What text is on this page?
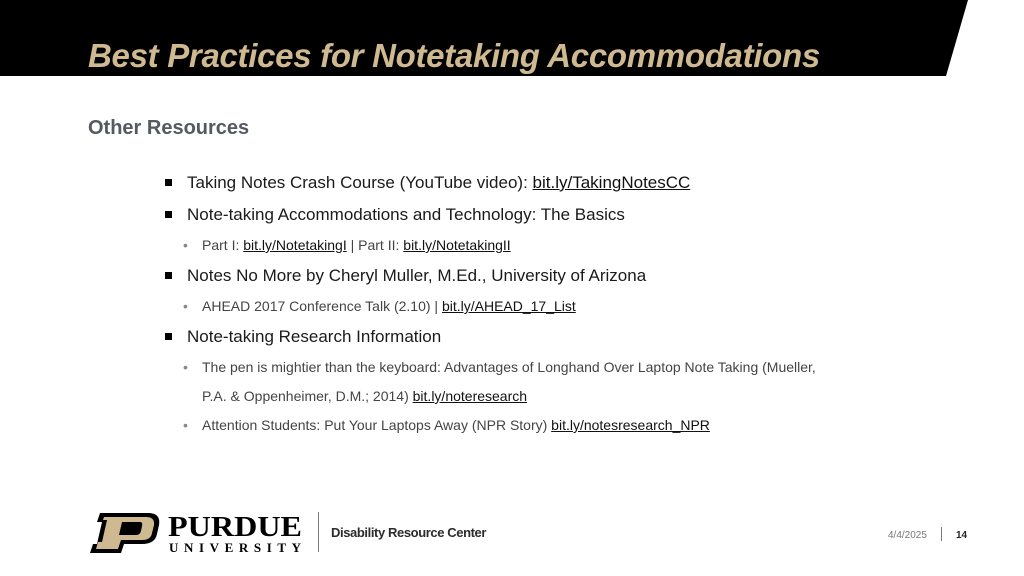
Best Practices for Notetaking Accommodations
Other Resources
Taking Notes Crash Course (YouTube video): bit.ly/TakingNotesCC
Note-taking Accommodations and Technology: The Basics
• Part I: bit.ly/NotetakingI | Part II: bit.ly/NotetakingII
Notes No More by Cheryl Muller, M.Ed., University of Arizona
• AHEAD 2017 Conference Talk (2.10) | bit.ly/AHEAD_17_List
Note-taking Research Information
• The pen is mightier than the keyboard: Advantages of Longhand Over Laptop Note Taking (Mueller,
P.A. & Oppenheimer, D.M.; 2014) bit.ly/noteresearch
• Attention Students: Put Your Laptops Away (NPR Story) bit.ly/notesresearch_NPR
PURDUE
UNIVERSITY
Disability Resource Center	4/4/2025	14
